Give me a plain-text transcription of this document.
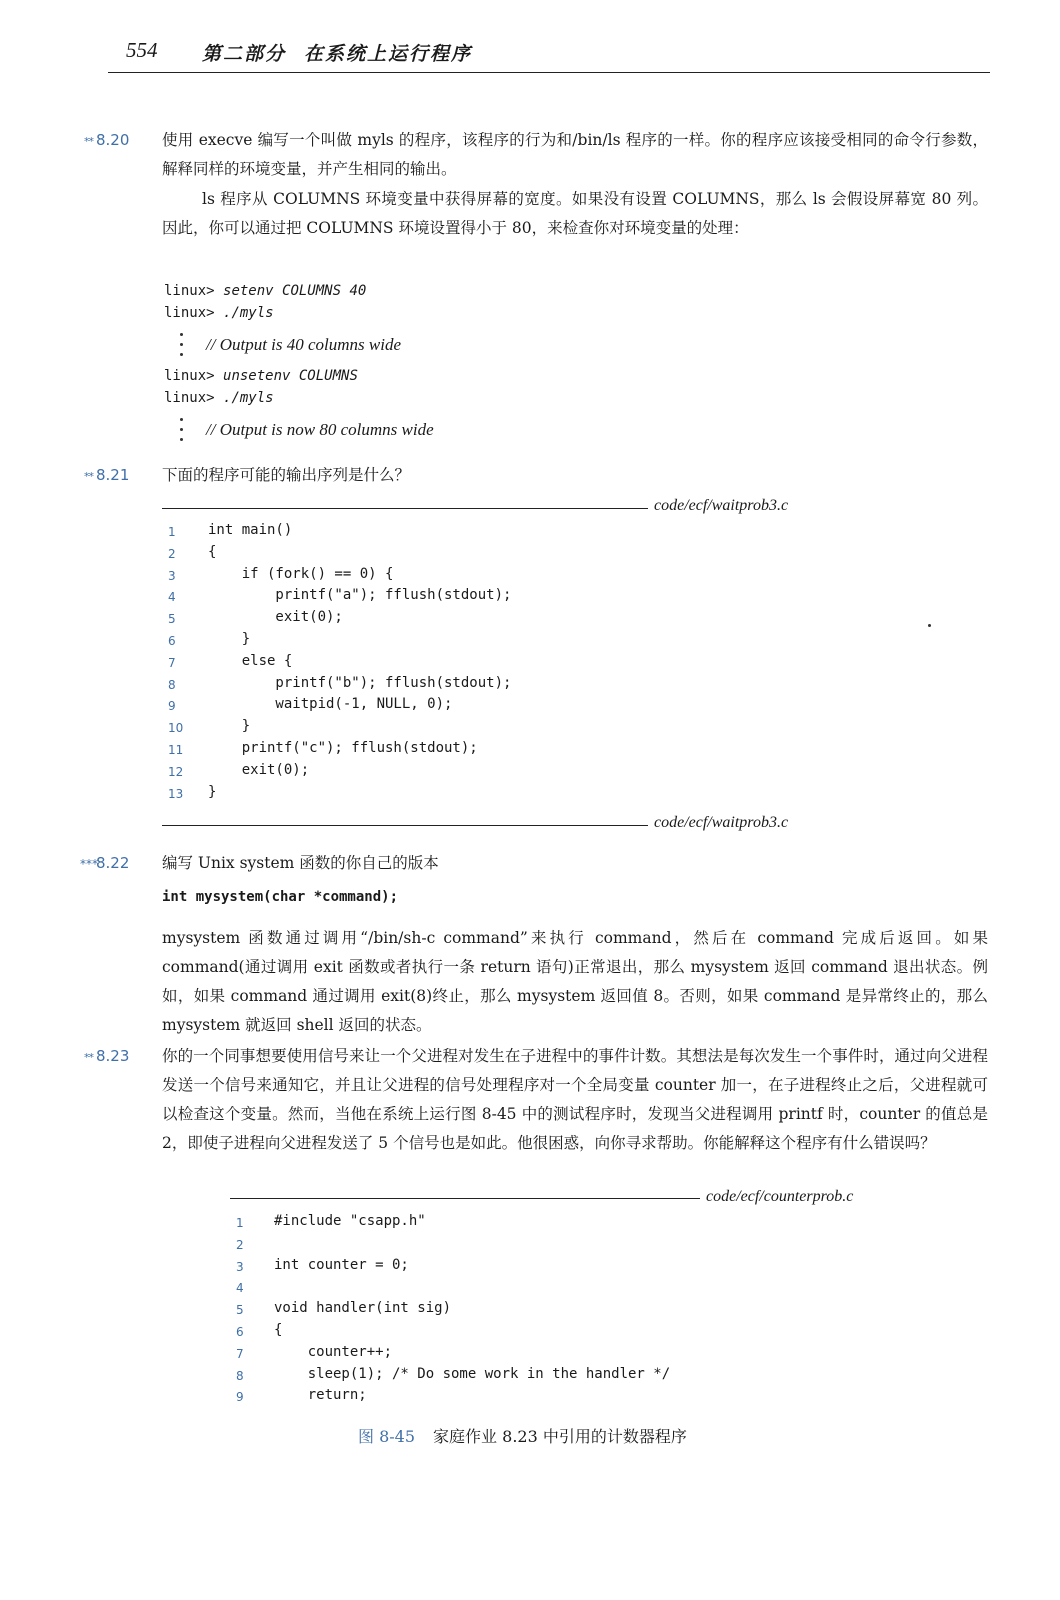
554 第二部分 在系统上运行程序
** 8.20 使用 execve 编写一个叫做 myls 的程序，该程序的行为和/bin/ls 程序的一样。你的程序应该接受相同的命令行参数，解释同样的环境变量，并产生相同的输出。
ls 程序从 COLUMNS 环境变量中获得屏幕的宽度。如果没有设置 COLUMNS，那么 ls 会假设屏幕宽 80 列。因此，你可以通过把 COLUMNS 环境设置得小于 80，来检查你对环境变量的处理：
linux> setenv COLUMNS 40
linux> ./myls
// Output is 40 columns wide
linux> unsetenv COLUMNS
linux> ./myls
// Output is now 80 columns wide
** 8.21 下面的程序可能的输出序列是什么？
code/ecf/waitprob3.c
1	int main()
2	{
3	if (fork() == 0) {
4	printf("a"); fflush(stdout);
5	exit(0);
6	}
7	else {
8	printf("b"); fflush(stdout);
9	waitpid(-1, NULL, 0);
10 }
11 printf("c"); fflush(stdout);
12 exit(0);
13 }
code/ecf/waitprob3.c
***8.22 编写 Unix system 函数的你自己的版本
int mysystem(char *command);
mysystem 函数通过调用“/bin/sh-c command”来执行 command，然后在 command 完成后返回。如果 command(通过调用 exit 函数或者执行一条 return 语句)正常退出，那么 mysystem 返回 command 退出状态。例如，如果 command 通过调用 exit(8)终止，那么 mysystem 返回值 8。否则，如果 command 是异常终止的，那么 mysystem 就返回 shell 返回的状态。
** 8.23 你的一个同事想要使用信号来让一个父进程对发生在子进程中的事件计数。其想法是每次发生一个事件时，通过向父进程发送一个信号来通知它，并且让父进程的信号处理程序对一个全局变量 counter 加一，在子进程终止之后，父进程就可以检查这个变量。然而，当他在系统上运行图 8-45 中的测试程序时，发现当父进程调用 printf 时，counter 的值总是 2，即使子进程向父进程发送了 5 个信号也是如此。他很困惑，向你寻求帮助。你能解释这个程序有什么错误吗？
code/ecf/counterprob.c
1	#include "csapp.h"
2
3	int counter = 0;
4
5	void handler(int sig)
6	{
7	counter++;
8	sleep(1); /* Do some work in the handler */
9	return;
图 8-45 家庭作业 8.23 中引用的计数器程序
